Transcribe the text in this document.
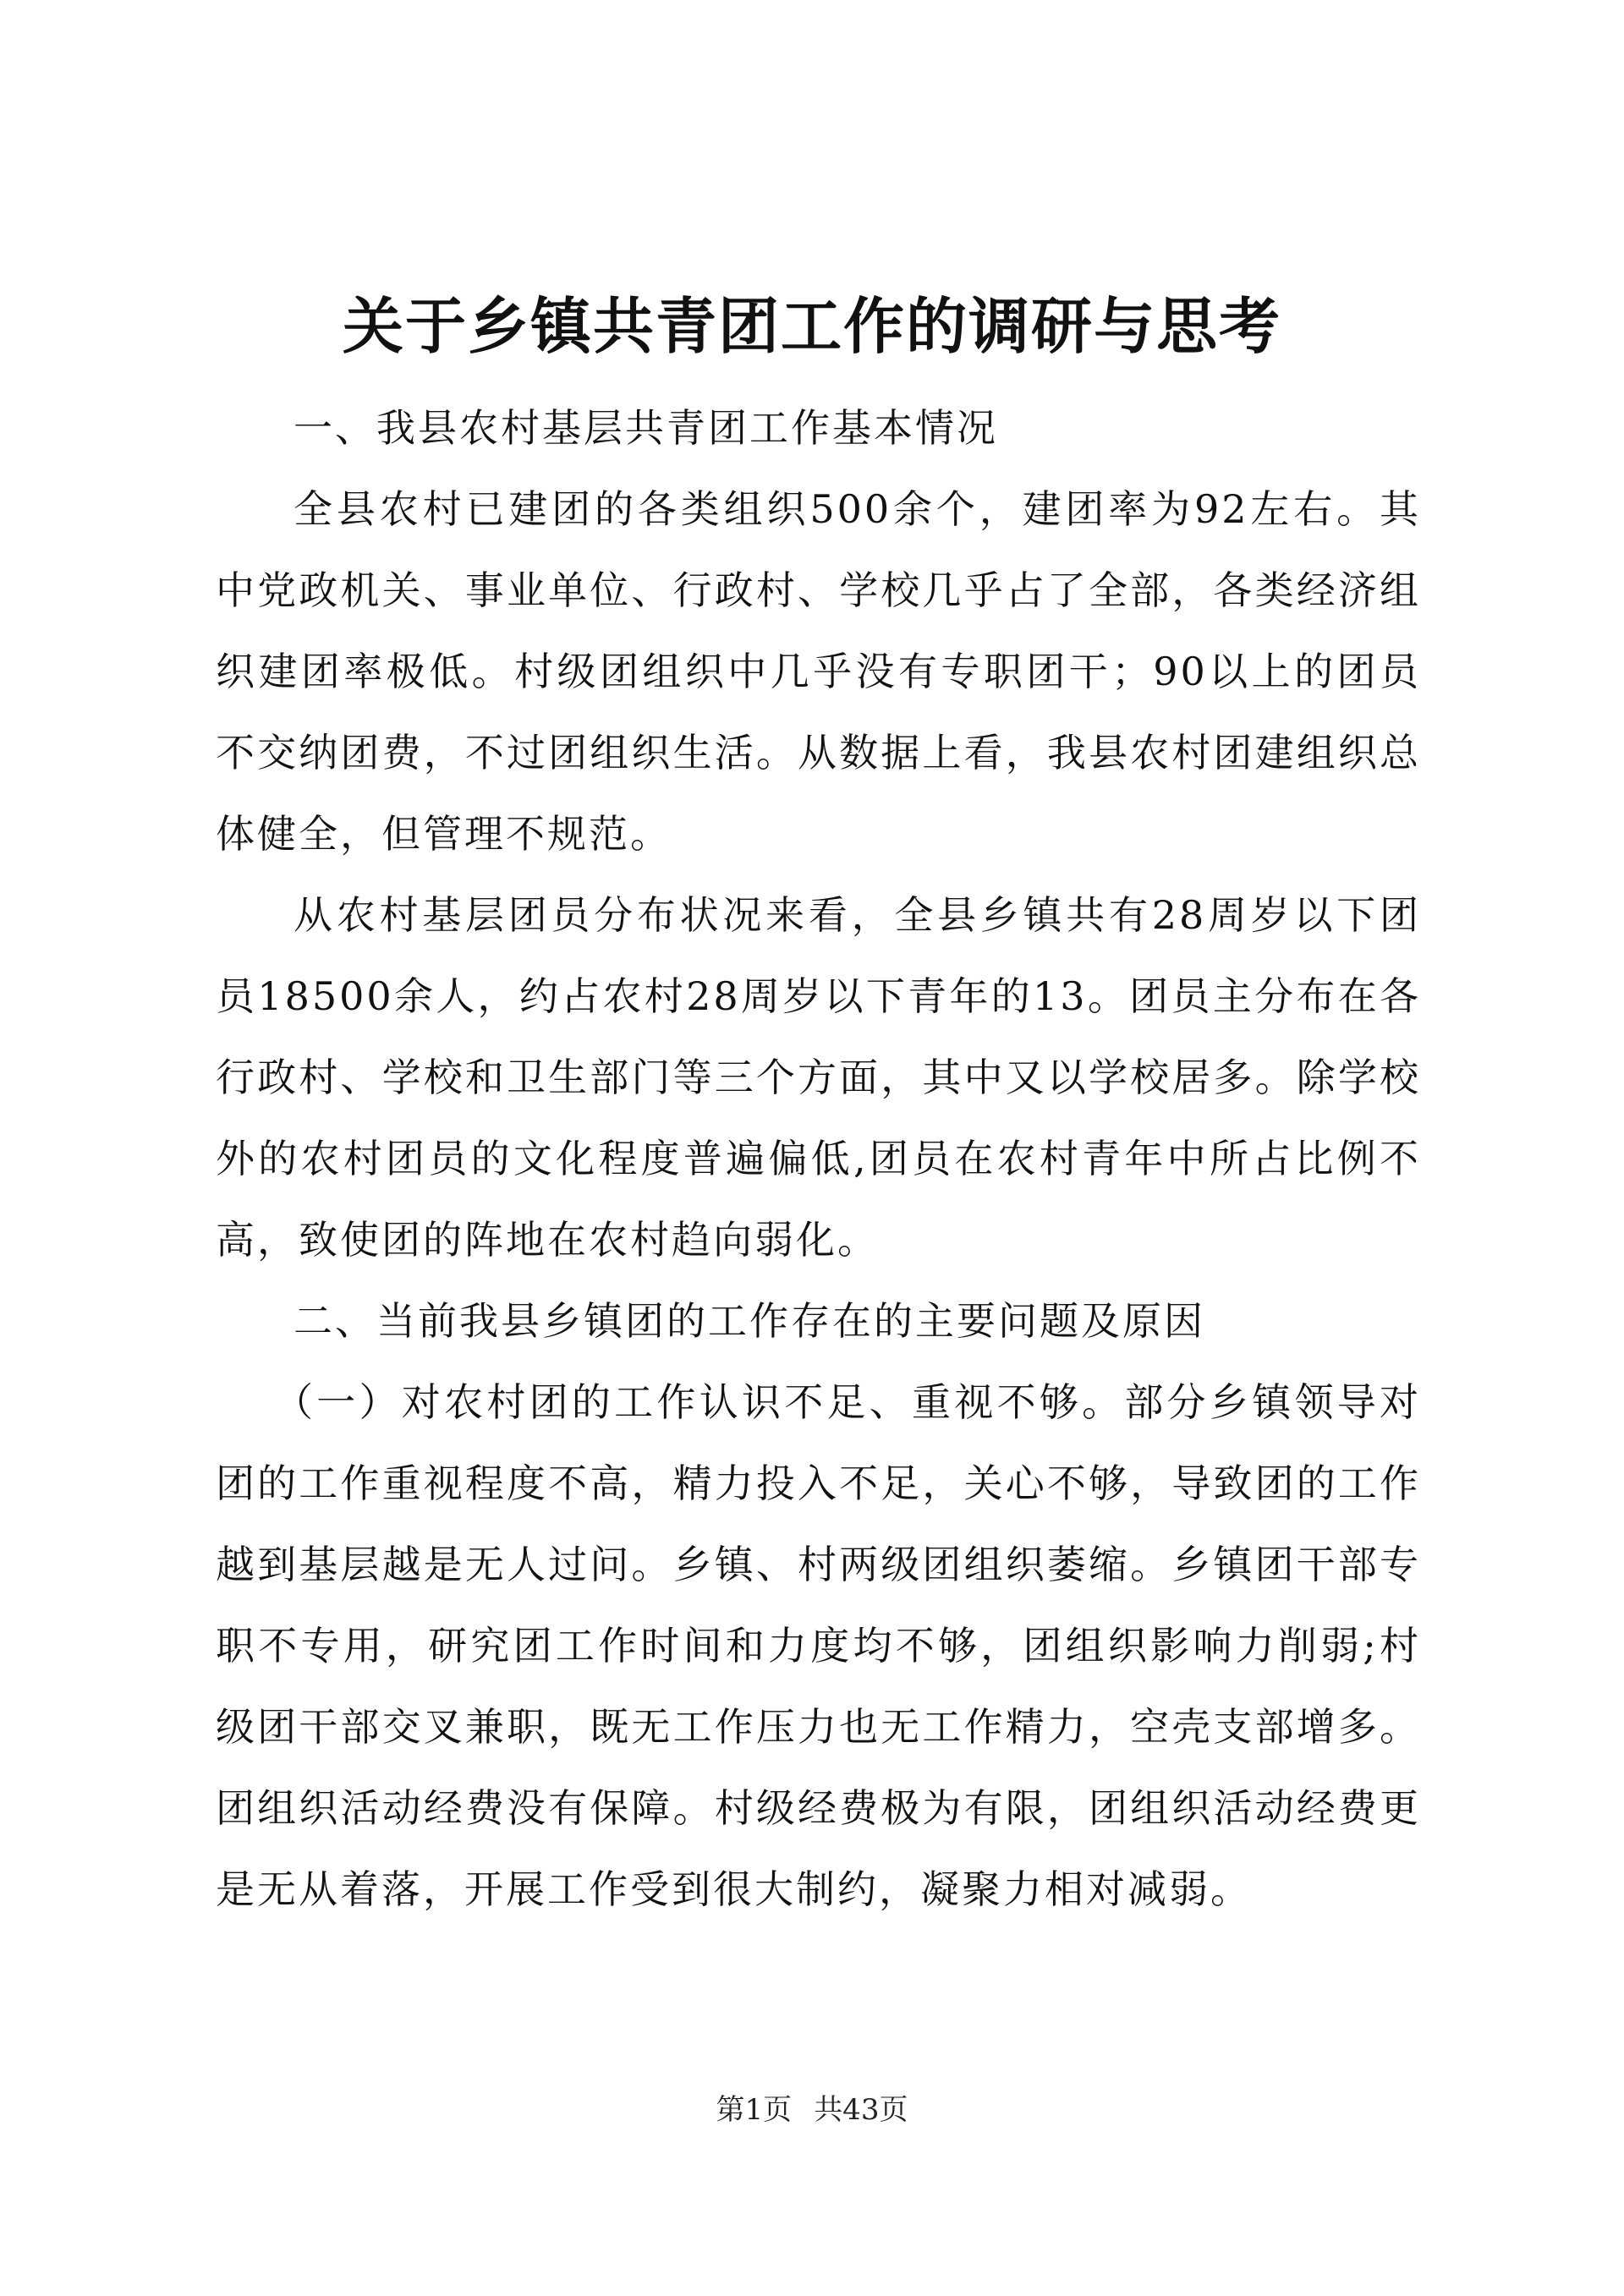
关于乡镇共青团工作的调研与思考

一、我县农村基层共青团工作基本情况

全县农村已建团的各类组织500余个，建团率为92左右。其中党政机关、事业单位、行政村、学校几乎占了全部，各类经济组织建团率极低。村级团组织中几乎没有专职团干；90以上的团员不交纳团费，不过团组织生活。从数据上看，我县农村团建组织总体健全，但管理不规范。

从农村基层团员分布状况来看，全县乡镇共有28周岁以下团员18500余人，约占农村28周岁以下青年的13。团员主分布在各行政村、学校和卫生部门等三个方面，其中又以学校居多。除学校外的农村团员的文化程度普遍偏低,团员在农村青年中所占比例不高，致使团的阵地在农村趋向弱化。

二、当前我县乡镇团的工作存在的主要问题及原因

（一）对农村团的工作认识不足、重视不够。部分乡镇领导对团的工作重视程度不高，精力投入不足，关心不够，导致团的工作越到基层越是无人过问。乡镇、村两级团组织萎缩。乡镇团干部专职不专用，研究团工作时间和力度均不够，团组织影响力削弱;村级团干部交叉兼职，既无工作压力也无工作精力，空壳支部增多。团组织活动经费没有保障。村级经费极为有限，团组织活动经费更是无从着落，开展工作受到很大制约，凝聚力相对减弱。

第1页 共43页
